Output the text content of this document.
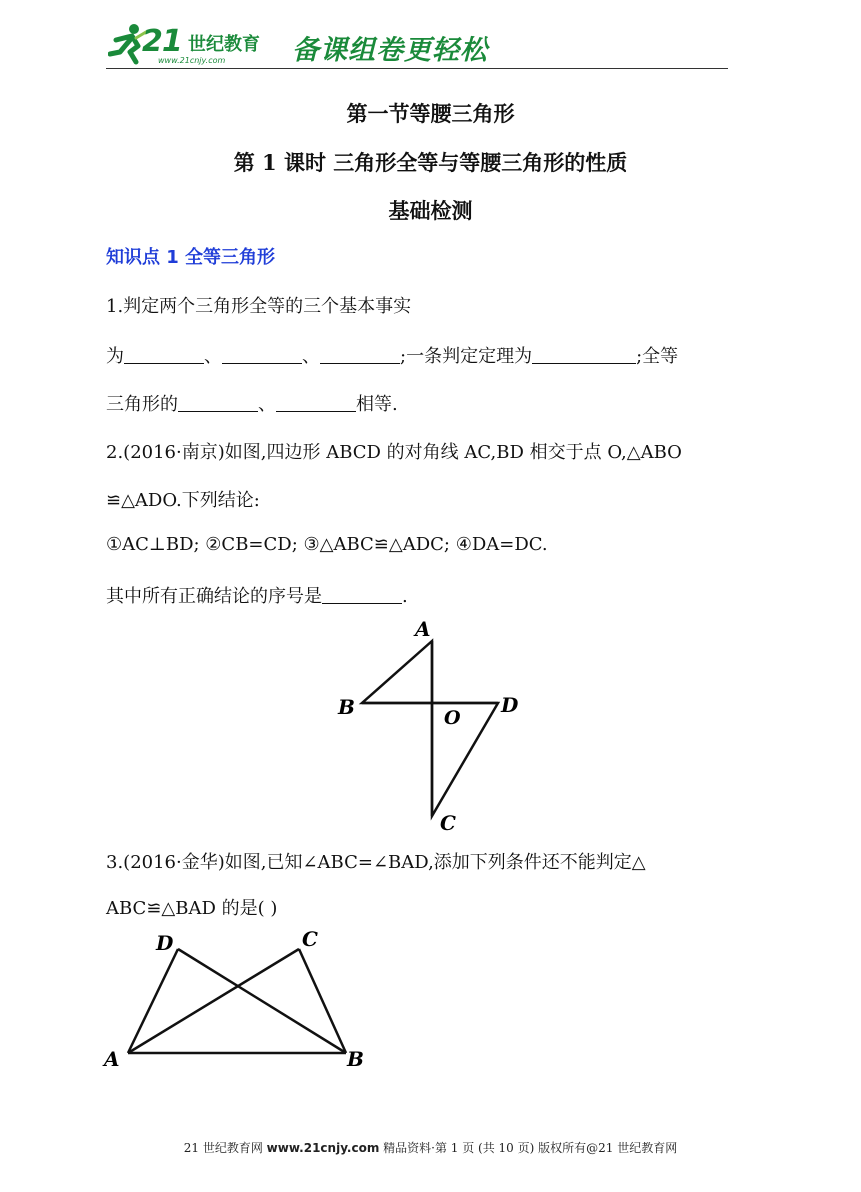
21 世纪教育
www.21cnjy.com 备课组卷更轻松
第一节等腰三角形
第 1 课时 三角形全等与等腰三角形的性质
基础检测
知识点 1 全等三角形
1.判定两个三角形全等的三个基本事实
为	、	、	;一条判定定理为	;全等
三角形的	、	相等.
2.(2016·南京)如图,四边形 ABCD 的对角线 AC,BD 相交于点 O,△ABO
≌△ADO.下列结论:
①AC⊥BD; ②CB=CD; ③△ABC≌△ADC; ④DA=DC.
其中所有正确结论的序号是	.
A
B	D
O
C
3.(2016·金华)如图,已知∠ABC=∠BAD,添加下列条件还不能判定△
ABC≌△BAD 的是( )
D	C
A	B
21 世纪教育网 www.21cnjy.com 精品资料·第 1 页 (共 10 页) 版权所有@21 世纪教育网
